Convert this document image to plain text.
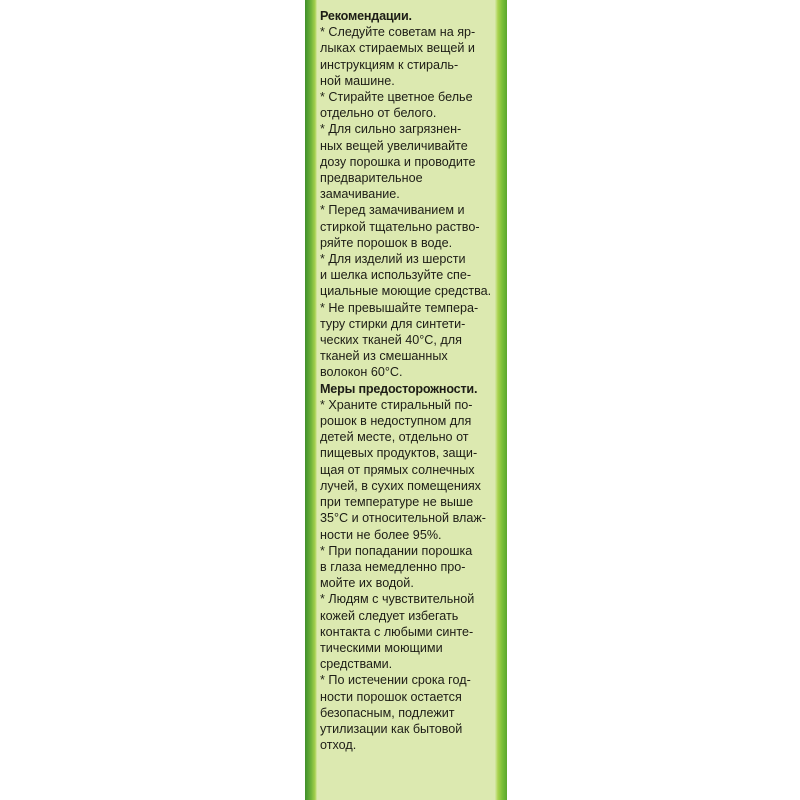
Рекомендации.
* Следуйте советам на яр-
лыках стираемых вещей и
инструкциям к стираль-
ной машине.
* Стирайте цветное белье
отдельно от белого.
* Для сильно загрязнен-
ных вещей увеличивайте
дозу порошка и проводите
предварительное
замачивание.
* Перед замачиванием и
стиркой тщательно раство-
ряйте порошок в воде.
* Для изделий из шерсти
и шелка используйте спе-
циальные моющие средства.
* Не превышайте темпера-
туру стирки для синтети-
ческих тканей 40°С, для
тканей из смешанных
волокон 60°С.
Меры предосторожности.
* Храните стиральный по-
рошок в недоступном для
детей месте, отдельно от
пищевых продуктов, защи-
щая от прямых солнечных
лучей, в сухих помещениях
при температуре не выше
35°С и относительной влаж-
ности не более 95%.
* При попадании порошка
в глаза немедленно про-
мойте их водой.
* Людям с чувствительной
кожей следует избегать
контакта с любыми синте-
тическими моющими
средствами.
* По истечении срока год-
ности порошок остается
безопасным, подлежит
утилизации как бытовой
отход.
